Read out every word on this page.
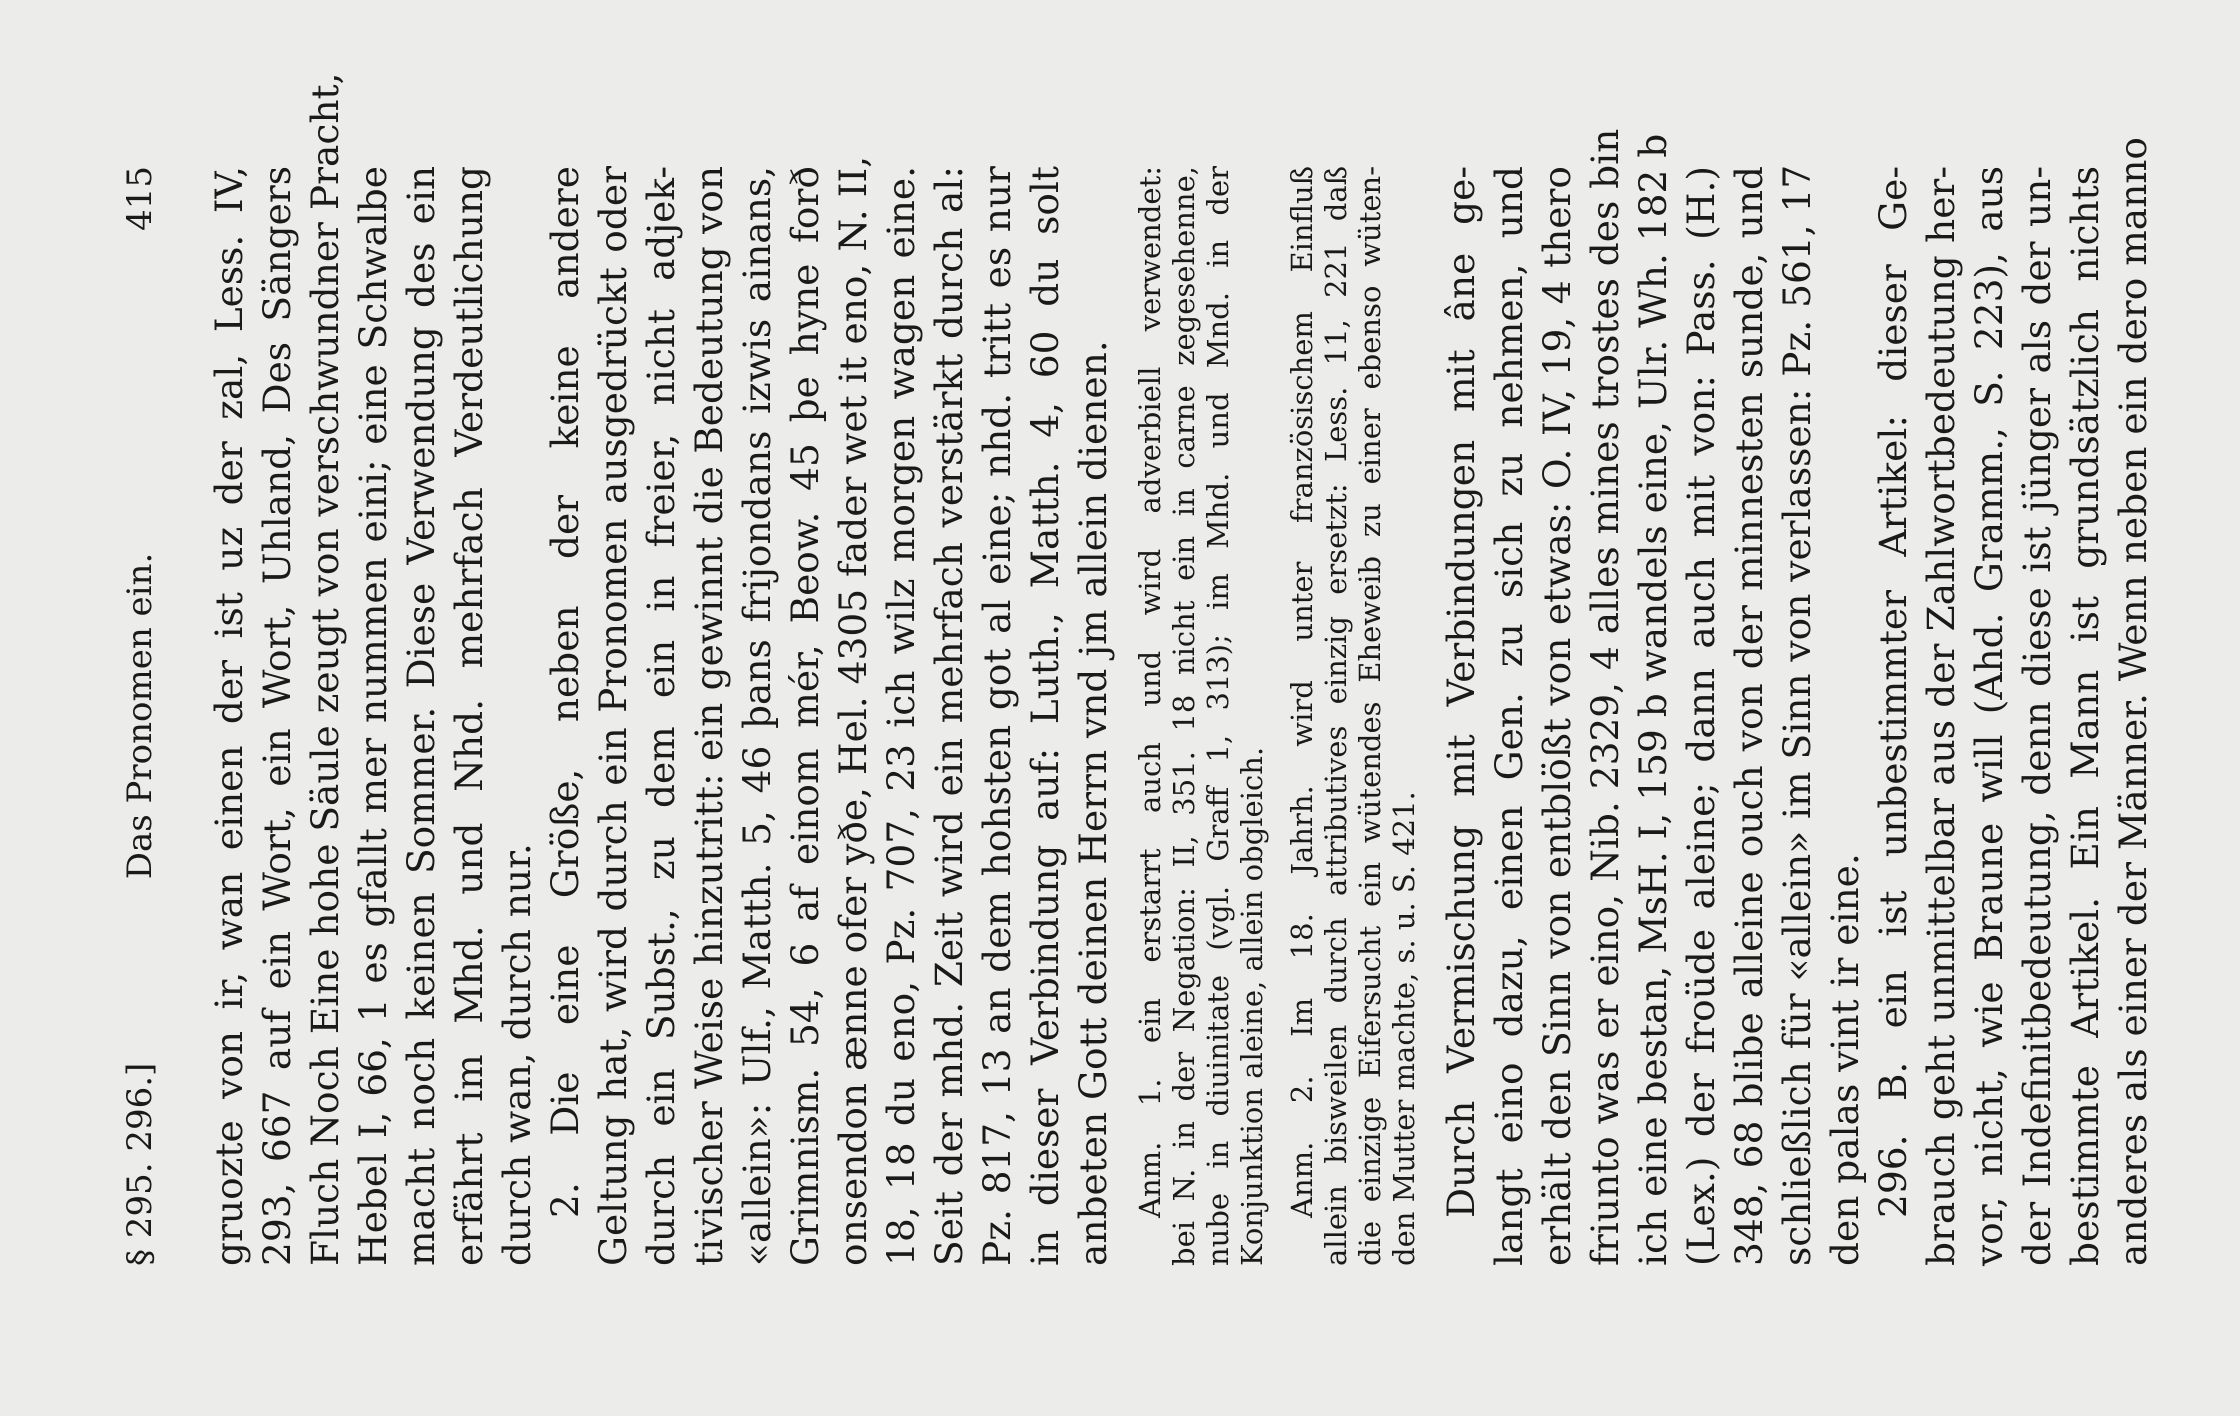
§ 295. 296.]
Das Pronomen ein.
415 gruozte von ir, wan einen der ist uz der zal, Less. IV, 293, 667 auf ein Wort, ein Wort, Uhland, Des Sängers Fluch Noch Eine hohe Säule zeugt von verschwundner Pracht, Hebel I, 66, 1 es gfallt mer nummen eini; eine Schwalbe macht noch keinen Sommer. Diese Verwendung des ein erfährt im Mhd. und Nhd. mehrfach Verdeutlichung durch wan, durch nur. 2. Die eine Größe, neben der keine andere Geltung hat, wird durch ein Pronomen ausgedrückt oder durch ein Subst., zu dem ein in freier, nicht adjek- tivischer Weise hinzutritt: ein gewinnt die Bedeutung von «allein»: Ulf., Matth. 5, 46 þans frijondans izwis ainans, Grimnism. 54, 6 af einom mér, Beow. 45 þe hyne forð onsendon ænne ofer yðe, Hel. 4305 fader wet it eno, N. II, 18, 18 du eno, Pz. 707, 23 ich wilz morgen wagen eine. Seit der mhd. Zeit wird ein mehrfach verstärkt durch al: Pz. 817, 13 an dem hohsten got al eine; nhd. tritt es nur in dieser Verbindung auf: Luth., Matth. 4, 60 du solt anbeten Gott deinen Herrn vnd jm allein dienen. Anm. 1. ein erstarrt auch und wird adverbiell verwendet: bei N. in der Negation: II, 351. 18 nicht ein in carne zegesehenne, nube in diuinitate (vgl. Graff 1, 313); im Mhd. und Mnd. in der Konjunktion aleine, allein obgleich. Anm. 2. Im 18. Jahrh. wird unter französischem Einfluß allein bisweilen durch attributives einzig ersetzt: Less. 11, 221 daß die einzige Eifersucht ein wütendes Eheweib zu einer ebenso wüten- den Mutter machte, s. u. S. 421. Durch Vermischung mit Verbindungen mit âne ge- langt eino dazu, einen Gen. zu sich zu nehmen, und erhält den Sinn von entblößt von etwas: O. IV, 19, 4 thero friunto was er eino, Nib. 2329, 4 alles mines trostes des bin ich eine bestan, MsH. I, 159 b wandels eine, Ulr. Wh. 182 b (Lex.) der froüde aleine; dann auch mit von: Pass. (H.) 348, 68 blibe alleine ouch von der minnesten sunde, und schließlich für «allein» im Sinn von verlassen: Pz. 561, 17 den palas vint ir eine. 296. B. ein ist unbestimmter Artikel: dieser Ge- brauch geht unmittelbar aus der Zahlwortbedeutung her- vor, nicht, wie Braune will (Ahd. Gramm., S. 223), aus der Indefinitbedeutung, denn diese ist jünger als der un- bestimmte Artikel. Ein Mann ist grundsätzlich nichts anderes als einer der Männer. Wenn neben ein dero manno
